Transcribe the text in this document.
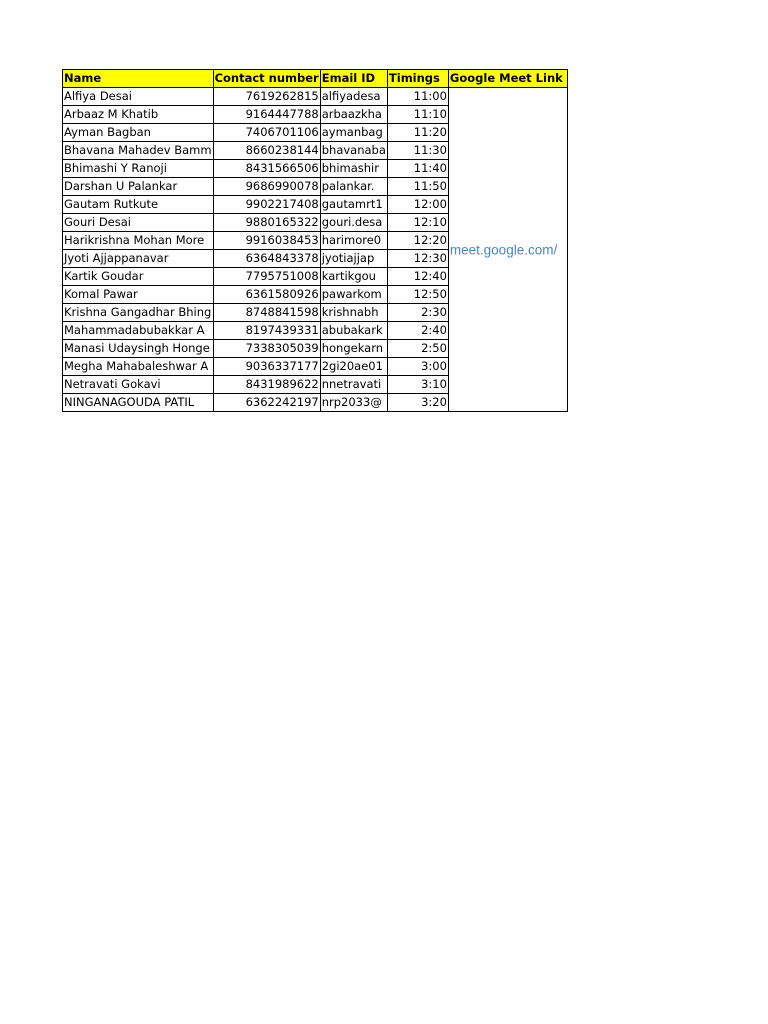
Name	Contact number	Email ID	Timings	Google Meet Link
Alfiya Desai	7619262815	alfiyadesa	11:00	meet.google.com/

Arbaaz M Khatib	9164447788	arbaazkha	11:10	
Ayman Bagban	7406701106	aymanbag	11:20	
Bhavana Mahadev Bamm	8660238144	bhavanaba	11:30	
Bhimashi Y Ranoji	8431566506	bhimashir	11:40	
Darshan U Palankar	9686990078	palankar.	11:50	
Gautam Rutkute	9902217408	gautamrt1	12:00	
Gouri Desai	9880165322	gouri.desa	12:10	
Harikrishna Mohan More	9916038453	harimore0	12:20	
Jyoti Ajjappanavar	6364843378	jyotiajjap	12:30	
Kartik Goudar	7795751008	kartikgou	12:40	
Komal Pawar	6361580926	pawarkom	12:50	
Krishna Gangadhar Bhing	8748841598	krishnabh	2:30	
Mahammadabubakkar A	8197439331	abubakark	2:40	
Manasi Udaysingh Honge	7338305039	hongekarn	2:50	
Megha Mahabaleshwar A	9036337177	2gi20ae01	3:00	
Netravati Gokavi	8431989622	nnetravati	3:10	
NINGANAGOUDA PATIL	6362242197	nrp2033@	3:20	
